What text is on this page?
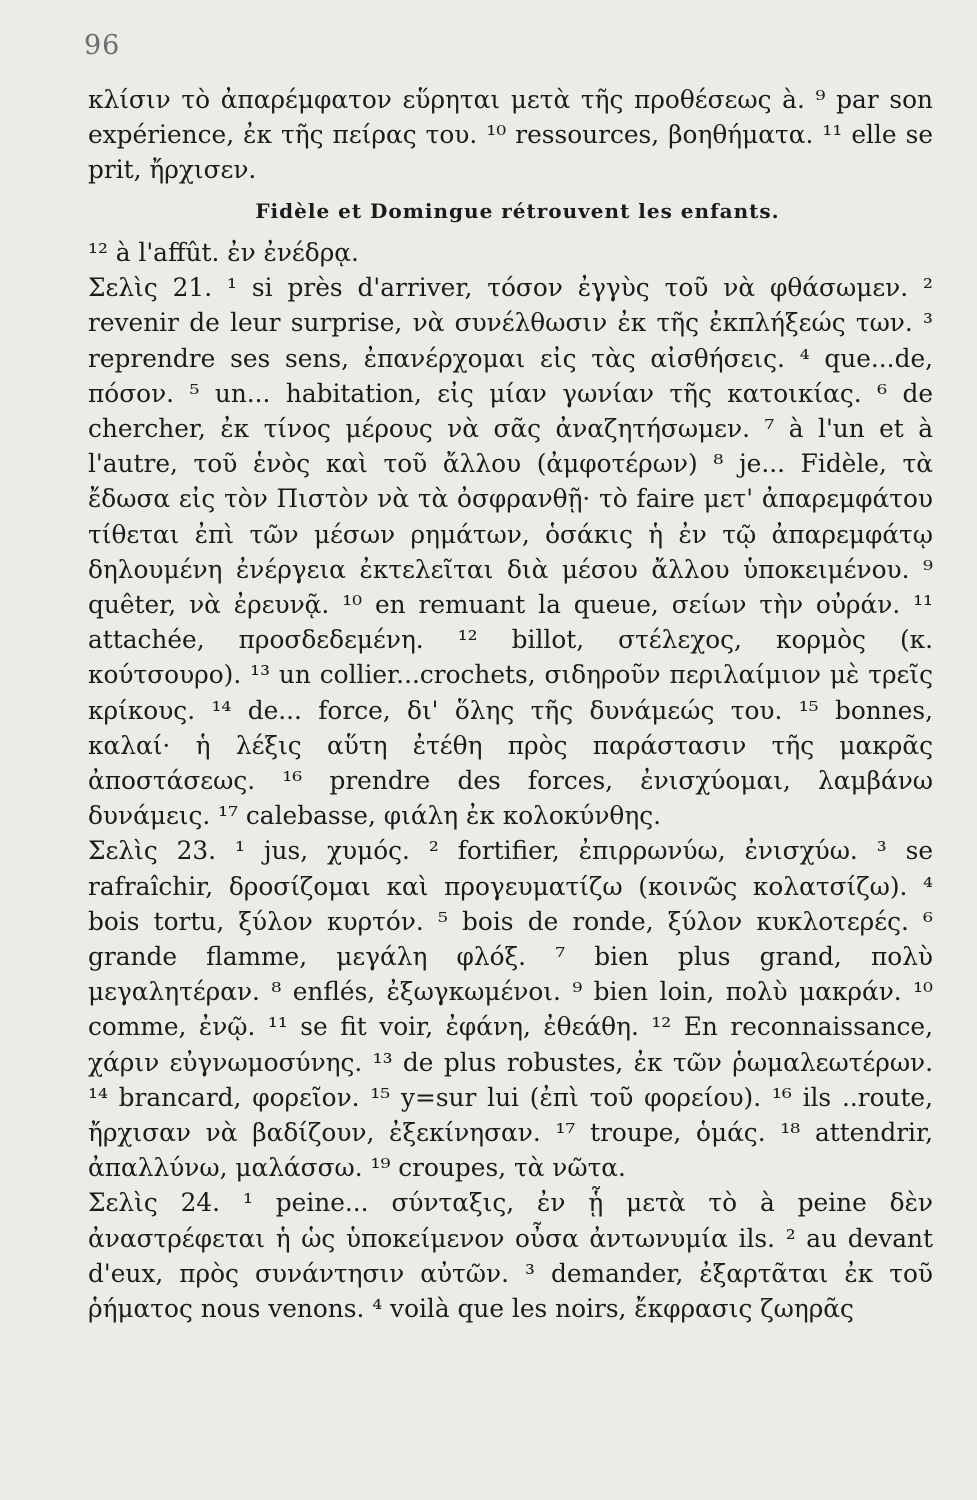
96

κλίσιν τὸ ἀπαρέμφατον εὕρηται μετὰ τῆς προθέσεως à. ⁹ par son expérience, ἐκ τῆς πείρας του. ¹⁰ ressources, βοηθήματα. ¹¹ elle se prit, ἤρχισεν.

Fidèle et Domingue rétrouvent les enfants.

¹² à l'affût. ἐν ἐνέδρᾳ.

Σελὶς 21. ¹ si près d'arriver, τόσον ἐγγὺς τοῦ νὰ φθάσωμεν. ² revenir de leur surprise, νὰ συνέλθωσιν ἐκ τῆς ἐκπλήξεώς των. ³ reprendre ses sens, ἐπανέρχομαι εἰς τὰς αἰσθήσεις. ⁴ que...de, πόσον. ⁵ un... habitation, εἰς μίαν γωνίαν τῆς κατοικίας. ⁶ de chercher, ἐκ τίνος μέρους νὰ σᾶς ἀναζητήσωμεν. ⁷ à l'un et à l'autre, τοῦ ἑνὸς καὶ τοῦ ἄλλου (ἀμφοτέρων) ⁸ je... Fidèle, τὰ ἔδωσα εἰς τὸν Πιστὸν νὰ τὰ ὀσφρανθῇ· τὸ faire μετ' ἀπαρεμφάτου τίθεται ἐπὶ τῶν μέσων ρημάτων, ὁσάκις ἡ ἐν τῷ ἀπαρεμφάτῳ δηλουμένη ἐνέργεια ἐκτελεῖται διὰ μέσου ἄλλου ὑποκειμένου. ⁹ quêter, νὰ ἐρευνᾷ. ¹⁰ en remuant la queue, σείων τὴν οὐράν. ¹¹ attachée, προσδεδεμένη. ¹² billot, στέλεχος, κορμὸς (κ. κούτσουρο). ¹³ un collier...crochets, σιδηροῦν περιλαίμιον μὲ τρεῖς κρίκους. ¹⁴ de... force, δι' ὅλης τῆς δυνάμεώς του. ¹⁵ bonnes, καλαί· ἡ λέξις αὕτη ἐτέθη πρὸς παράστασιν τῆς μακρᾶς ἀποστάσεως. ¹⁶ prendre des forces, ἐνισχύομαι, λαμβάνω δυνάμεις. ¹⁷ calebasse, φιάλη ἐκ κολοκύνθης.

Σελὶς 23. ¹ jus, χυμός. ² fortifier, ἐπιρρωνύω, ἐνισχύω. ³ se rafraîchir, δροσίζομαι καὶ προγευματίζω (κοινῶς κολατσίζω). ⁴ bois tortu, ξύλον κυρτόν. ⁵ bois de ronde, ξύλον κυκλοτερές. ⁶ grande flamme, μεγάλη φλόξ. ⁷ bien plus grand, πολὺ μεγαλητέραν. ⁸ enflés, ἐξωγκωμένοι. ⁹ bien loin, πολὺ μακράν. ¹⁰ comme, ἐνῷ. ¹¹ se fit voir, ἐφάνη, ἐθεάθη. ¹² En reconnaissance, χάριν εὐγνωμοσύνης. ¹³ de plus robustes, ἐκ τῶν ῥωμαλεωτέρων. ¹⁴ brancard, φορεῖον. ¹⁵ y=sur lui (ἐπὶ τοῦ φορείου). ¹⁶ ils ..route, ἤρχισαν νὰ βαδίζουν, ἐξεκίνησαν. ¹⁷ troupe, ὁμάς. ¹⁸ attendrir, ἀπαλλύνω, μαλάσσω. ¹⁹ croupes, τὰ νῶτα.

Σελὶς 24. ¹ peine... σύνταξις, ἐν ᾗ μετὰ τὸ à peine δὲν ἀναστρέφεται ἡ ὡς ὑποκείμενον οὖσα ἀντωνυμία ils. ² au devant d'eux, πρὸς συνάντησιν αὐτῶν. ³ demander, ἐξαρτᾶται ἐκ τοῦ ῥήματος nous venons. ⁴ voilà que les noirs, ἔκφρασις ζωηρᾶς
